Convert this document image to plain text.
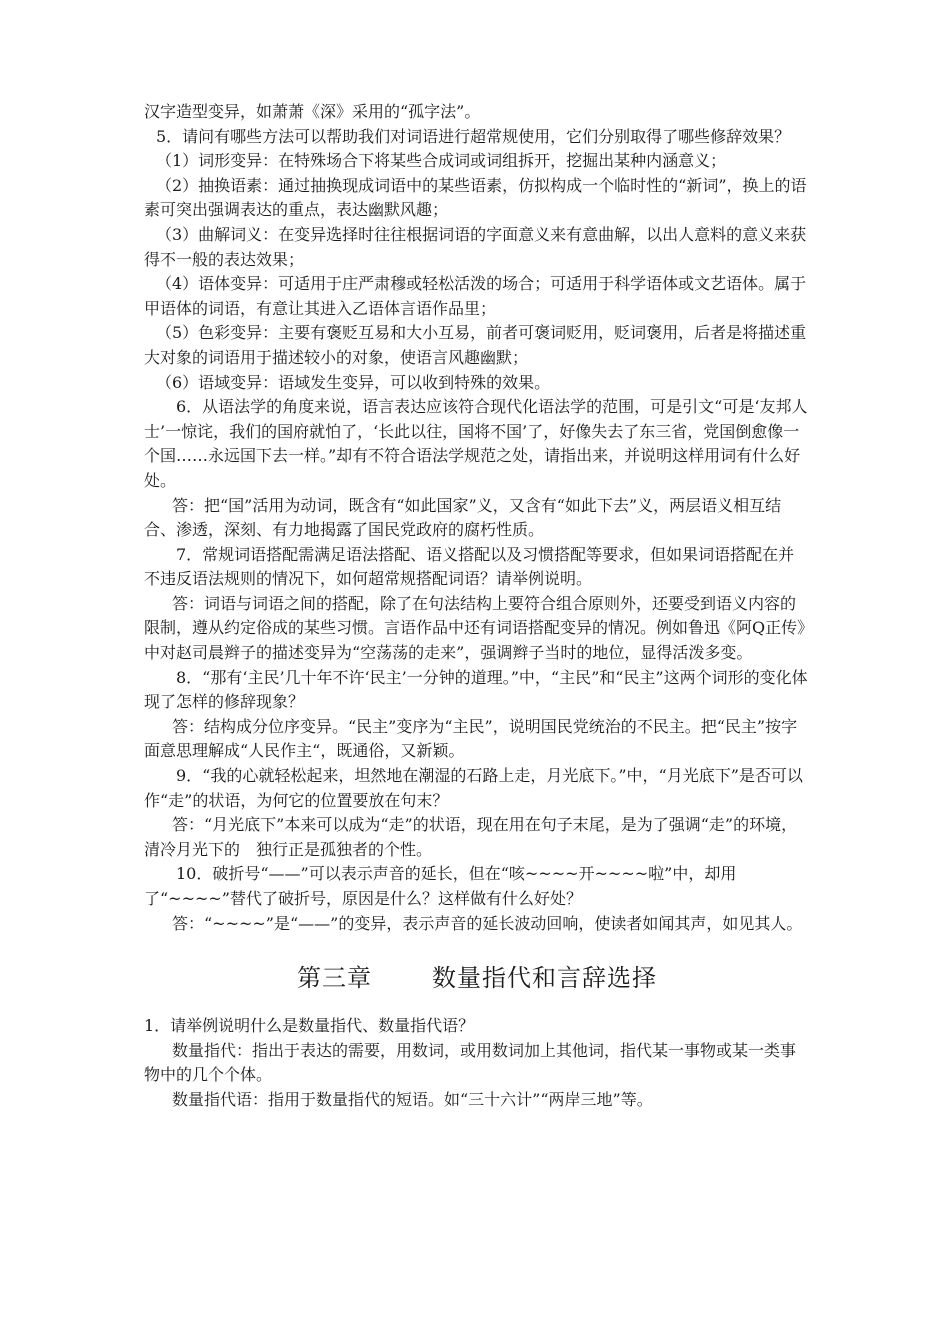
汉字造型变异，如萧萧《深》采用的“孤字法”。

5．请问有哪些方法可以帮助我们对词语进行超常规使用，它们分别取得了哪些修辞效果？

（1）词形变异：在特殊场合下将某些合成词或词组拆开，挖掘出某种内涵意义；

（2）抽换语素：通过抽换现成词语中的某些语素，仿拟构成一个临时性的“新词”，换上的语素可突出强调表达的重点，表达幽默风趣；

（3）曲解词义：在变异选择时往往根据词语的字面意义来有意曲解，以出人意料的意义来获得不一般的表达效果；

（4）语体变异：可适用于庄严肃穆或轻松活泼的场合；可适用于科学语体或文艺语体。属于甲语体的词语，有意让其进入乙语体言语作品里；

（5）色彩变异：主要有褒贬互易和大小互易，前者可褒词贬用，贬词褒用，后者是将描述重大对象的词语用于描述较小的对象，使语言风趣幽默；

（6）语域变异：语域发生变异，可以收到特殊的效果。

6．从语法学的角度来说，语言表达应该符合现代化语法学的范围，可是引文“可是‘友邦人士’一惊诧，我们的国府就怕了，‘长此以往，国将不国’了，好像失去了东三省，党国倒愈像一个国……永远国下去一样。”却有不符合语法学规范之处，请指出来，并说明这样用词有什么好处。

答：把“国”活用为动词，既含有“如此国家”义，又含有“如此下去”义，两层语义相互结合、渗透，深刻、有力地揭露了国民党政府的腐朽性质。

7．常规词语搭配需满足语法搭配、语义搭配以及习惯搭配等要求，但如果词语搭配在并不违反语法规则的情况下，如何超常规搭配词语？请举例说明。

答：词语与词语之间的搭配，除了在句法结构上要符合组合原则外，还要受到语义内容的限制，遵从约定俗成的某些习惯。言语作品中还有词语搭配变异的情况。例如鲁迅《阿Q正传》中对赵司晨辫子的描述变异为“空荡荡的走来”，强调辫子当时的地位，显得活泼多变。

8．“那有‘主民’几十年不许‘民主’一分钟的道理。”中，“主民”和“民主”这两个词形的变化体现了怎样的修辞现象？

答：结构成分位序变异。“民主”变序为“主民”，说明国民党统治的不民主。把“民主”按字面意思理解成“人民作主“，既通俗，又新颖。

9．“我的心就轻松起来，坦然地在潮湿的石路上走，月光底下。”中，“月光底下”是否可以作“走”的状语，为何它的位置要放在句末？

答：“月光底下”本来可以成为“走”的状语，现在用在句子末尾，是为了强调“走”的环境，清冷月光下的　独行正是孤独者的个性。

10．破折号“——”可以表示声音的延长，但在“咳~~~~开~~~~啦”中，却用了“~~~~”替代了破折号，原因是什么？这样做有什么好处？

答：“~~~~”是“——”的变异，表示声音的延长波动回响，使读者如闻其声，如见其人。

第三章	数量指代和言辞选择

1．请举例说明什么是数量指代、数量指代语？

数量指代：指出于表达的需要，用数词，或用数词加上其他词，指代某一事物或某一类事物中的几个个体。

数量指代语：指用于数量指代的短语。如“三十六计”“两岸三地”等。
